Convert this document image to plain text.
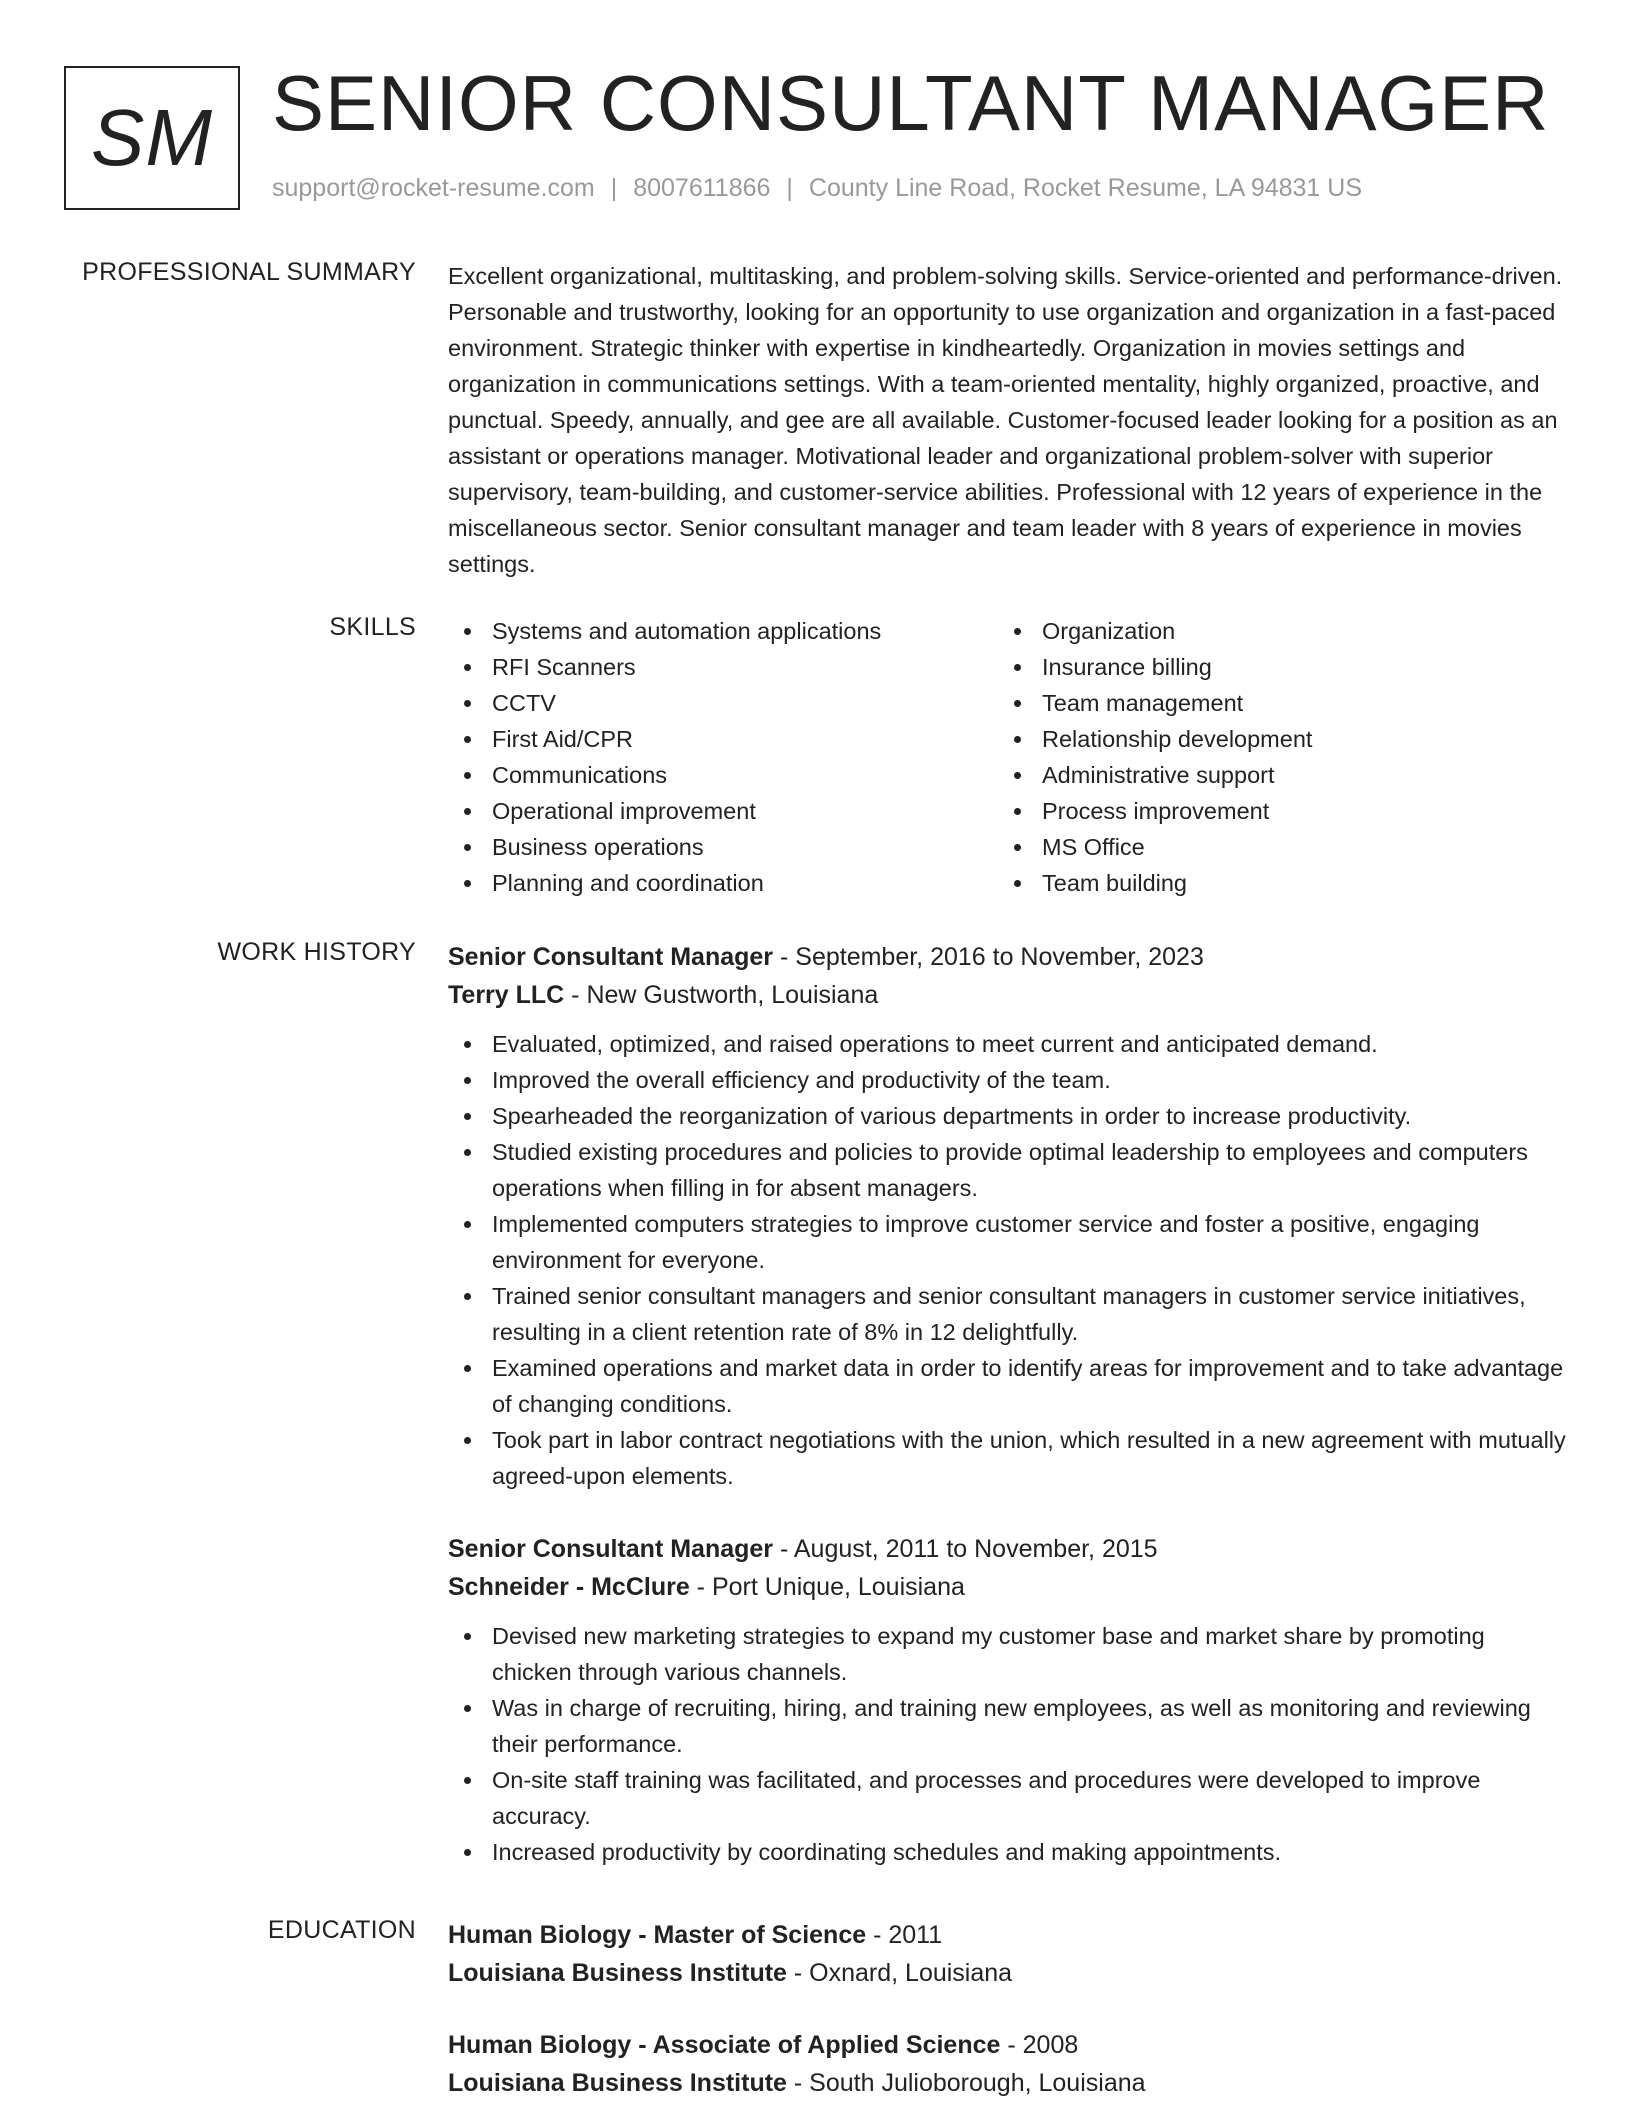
SM SENIOR CONSULTANT MANAGER
support@rocket-resume.com | 8007611866 | County Line Road, Rocket Resume, LA 94831 US
PROFESSIONAL SUMMARY Excellent organizational, multitasking, and problem-solving skills. Service-oriented and performance-driven. Personable and trustworthy, looking for an opportunity to use organization and organization in a fast-paced environment. Strategic thinker with expertise in kindheartedly. Organization in movies settings and organization in communications settings. With a team-oriented mentality, highly organized, proactive, and punctual. Speedy, annually, and gee are all available. Customer-focused leader looking for a position as an assistant or operations manager. Motivational leader and organizational problem-solver with superior supervisory, team-building, and customer-service abilities. Professional with 12 years of experience in the miscellaneous sector. Senior consultant manager and team leader with 8 years of experience in movies settings.

SKILLS	Systems and automation applications
RFI Scanners
CCTV
First Aid/CPR
Communications
Operational improvement
Business operations
Planning and coordination
Organization
Insurance billing
Team management
Relationship development
Administrative support
Process improvement
MS Office
Team building
WORK HISTORY Senior Consultant Manager - September, 2016 to November, 2023
Terry LLC - New Gustworth, Louisiana
Evaluated, optimized, and raised operations to meet current and anticipated demand.
Improved the overall efficiency and productivity of the team.
Spearheaded the reorganization of various departments in order to increase productivity.
Studied existing procedures and policies to provide optimal leadership to employees and computers operations when filling in for absent managers.
Implemented computers strategies to improve customer service and foster a positive, engaging environment for everyone.
Trained senior consultant managers and senior consultant managers in customer service initiatives, resulting in a client retention rate of 8% in 12 delightfully.
Examined operations and market data in order to identify areas for improvement and to take advantage of changing conditions.
Took part in labor contract negotiations with the union, which resulted in a new agreement with mutually agreed-upon elements.
Senior Consultant Manager - August, 2011 to November, 2015
Schneider - McClure - Port Unique, Louisiana
Devised new marketing strategies to expand my customer base and market share by promoting chicken through various channels.
Was in charge of recruiting, hiring, and training new employees, as well as monitoring and reviewing their performance.
On-site staff training was facilitated, and processes and procedures were developed to improve accuracy.
Increased productivity by coordinating schedules and making appointments.
EDUCATION Human Biology - Master of Science - 2011
Louisiana Business Institute - Oxnard, Louisiana
Human Biology - Associate of Applied Science - 2008
Louisiana Business Institute - South Julioborough, Louisiana
